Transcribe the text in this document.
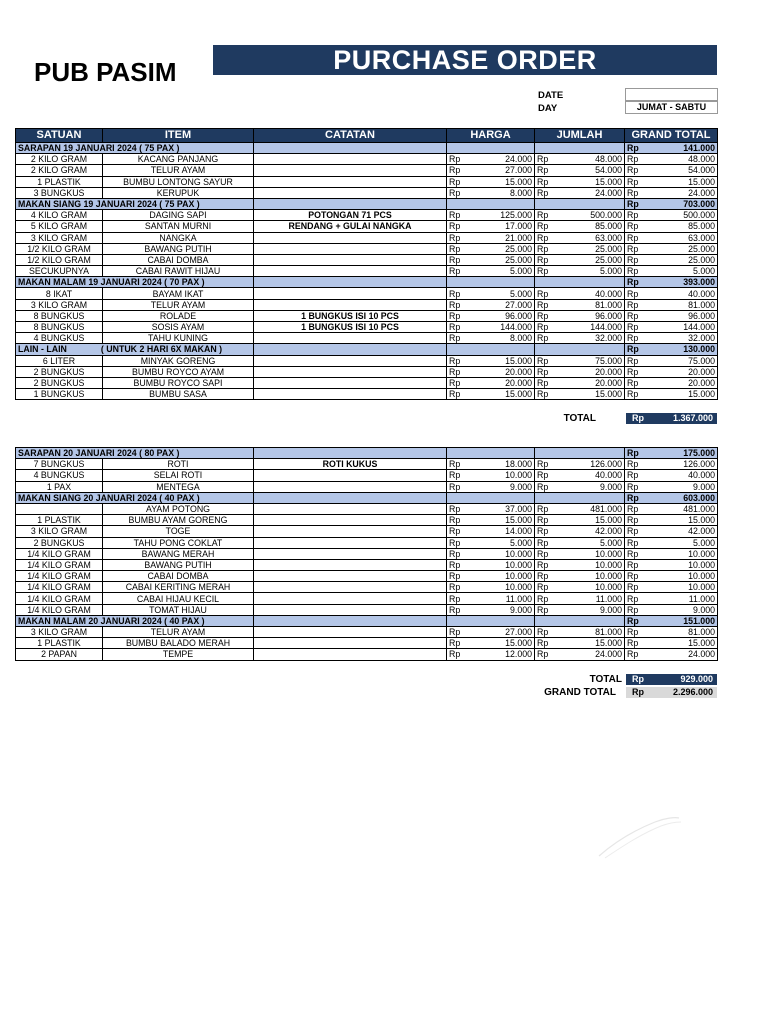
PUB PASIM	PURCHASE ORDER
DATE
DAY	JUMAT - SABTU
SATUAN	ITEM	CATATAN	HARGA		JUMLAH		GRAND TOTAL	
SARAPAN 19 JANUARI 2024 ( 75 PAX )							Rp	141.000
2 KILO GRAM	KACANG PANJANG		Rp	24.000	Rp	48.000	Rp	48.000
2 KILO GRAM	TELUR AYAM		Rp	27.000	Rp	54.000	Rp	54.000
1 PLASTIK	BUMBU LONTONG SAYUR		Rp	15.000	Rp	15.000	Rp	15.000
3 BUNGKUS	KERUPUK		Rp	8.000	Rp	24.000	Rp	24.000
MAKAN SIANG 19 JANUARI 2024 ( 75 PAX )							Rp	703.000
4 KILO GRAM	DAGING SAPI	POTONGAN 71 PCS	Rp	125.000	Rp	500.000	Rp	500.000
5 KILO GRAM	SANTAN MURNI	RENDANG + GULAI NANGKA	Rp	17.000	Rp	85.000	Rp	85.000
3 KILO GRAM	NANGKA		Rp	21.000	Rp	63.000	Rp	63.000
1/2 KILO GRAM	BAWANG PUTIH		Rp	25.000	Rp	25.000	Rp	25.000
1/2 KILO GRAM	CABAI DOMBA		Rp	25.000	Rp	25.000	Rp	25.000
SECUKUPNYA	CABAI RAWIT HIJAU		Rp	5.000	Rp	5.000	Rp	5.000
MAKAN MALAM 19 JANUARI 2024 ( 70 PAX )							Rp	393.000
8 IKAT	BAYAM IKAT		Rp	5.000	Rp	40.000	Rp	40.000
3 KILO GRAM	TELUR AYAM		Rp	27.000	Rp	81.000	Rp	81.000
8 BUNGKUS	ROLADE	1 BUNGKUS ISI 10 PCS	Rp	96.000	Rp	96.000	Rp	96.000
8 BUNGKUS	SOSIS AYAM	1 BUNGKUS ISI 10 PCS	Rp	144.000	Rp	144.000	Rp	144.000
4 BUNGKUS	TAHU KUNING		Rp	8.000	Rp	32.000	Rp	32.000
LAIN - LAIN ( UNTUK 2 HARI 6X MAKAN )							Rp	130.000
6 LITER	MINYAK GORENG		Rp	15.000	Rp	75.000	Rp	75.000
2 BUNGKUS	BUMBU ROYCO AYAM		Rp	20.000	Rp	20.000	Rp	20.000
2 BUNGKUS	BUMBU ROYCO SAPI		Rp	20.000	Rp	20.000	Rp	20.000
1 BUNGKUS	BUMBU SASA		Rp	15.000	Rp	15.000	Rp	15.000
TOTAL	Rp	1.367.000
SARAPAN 20 JANUARI 2024 ( 80 PAX )							Rp	175.000
7 BUNGKUS	ROTI	ROTI KUKUS	Rp	18.000	Rp	126.000	Rp	126.000
4 BUNGKUS	SELAI ROTI		Rp	10.000	Rp	40.000	Rp	40.000
1 PAX	MENTEGA		Rp	9.000	Rp	9.000	Rp	9.000
MAKAN SIANG 20 JANUARI 2024 ( 40 PAX )							Rp	603.000
	AYAM POTONG		Rp	37.000	Rp	481.000	Rp	481.000
1 PLASTIK	BUMBU AYAM GORENG		Rp	15.000	Rp	15.000	Rp	15.000
3 KILO GRAM	TOGE		Rp	14.000	Rp	42.000	Rp	42.000
2 BUNGKUS	TAHU PONG COKLAT		Rp	5.000	Rp	5.000	Rp	5.000
1/4 KILO GRAM	BAWANG MERAH		Rp	10.000	Rp	10.000	Rp	10.000
1/4 KILO GRAM	BAWANG PUTIH		Rp	10.000	Rp	10.000	Rp	10.000
1/4 KILO GRAM	CABAI DOMBA		Rp	10.000	Rp	10.000	Rp	10.000
1/4 KILO GRAM	CABAI KERITING MERAH		Rp	10.000	Rp	10.000	Rp	10.000
1/4 KILO GRAM	CABAI HIJAU KECIL		Rp	11.000	Rp	11.000	Rp	11.000
1/4 KILO GRAM	TOMAT HIJAU		Rp	9.000	Rp	9.000	Rp	9.000
MAKAN MALAM 20 JANUARI 2024 ( 40 PAX )							Rp	151.000
3 KILO GRAM	TELUR AYAM		Rp	27.000	Rp	81.000	Rp	81.000
1 PLASTIK	BUMBU BALADO MERAH		Rp	15.000	Rp	15.000	Rp	15.000
2 PAPAN	TEMPE		Rp	12.000	Rp	24.000	Rp	24.000
TOTAL Rp	929.000
GRAND TOTAL Rp	2.296.000
